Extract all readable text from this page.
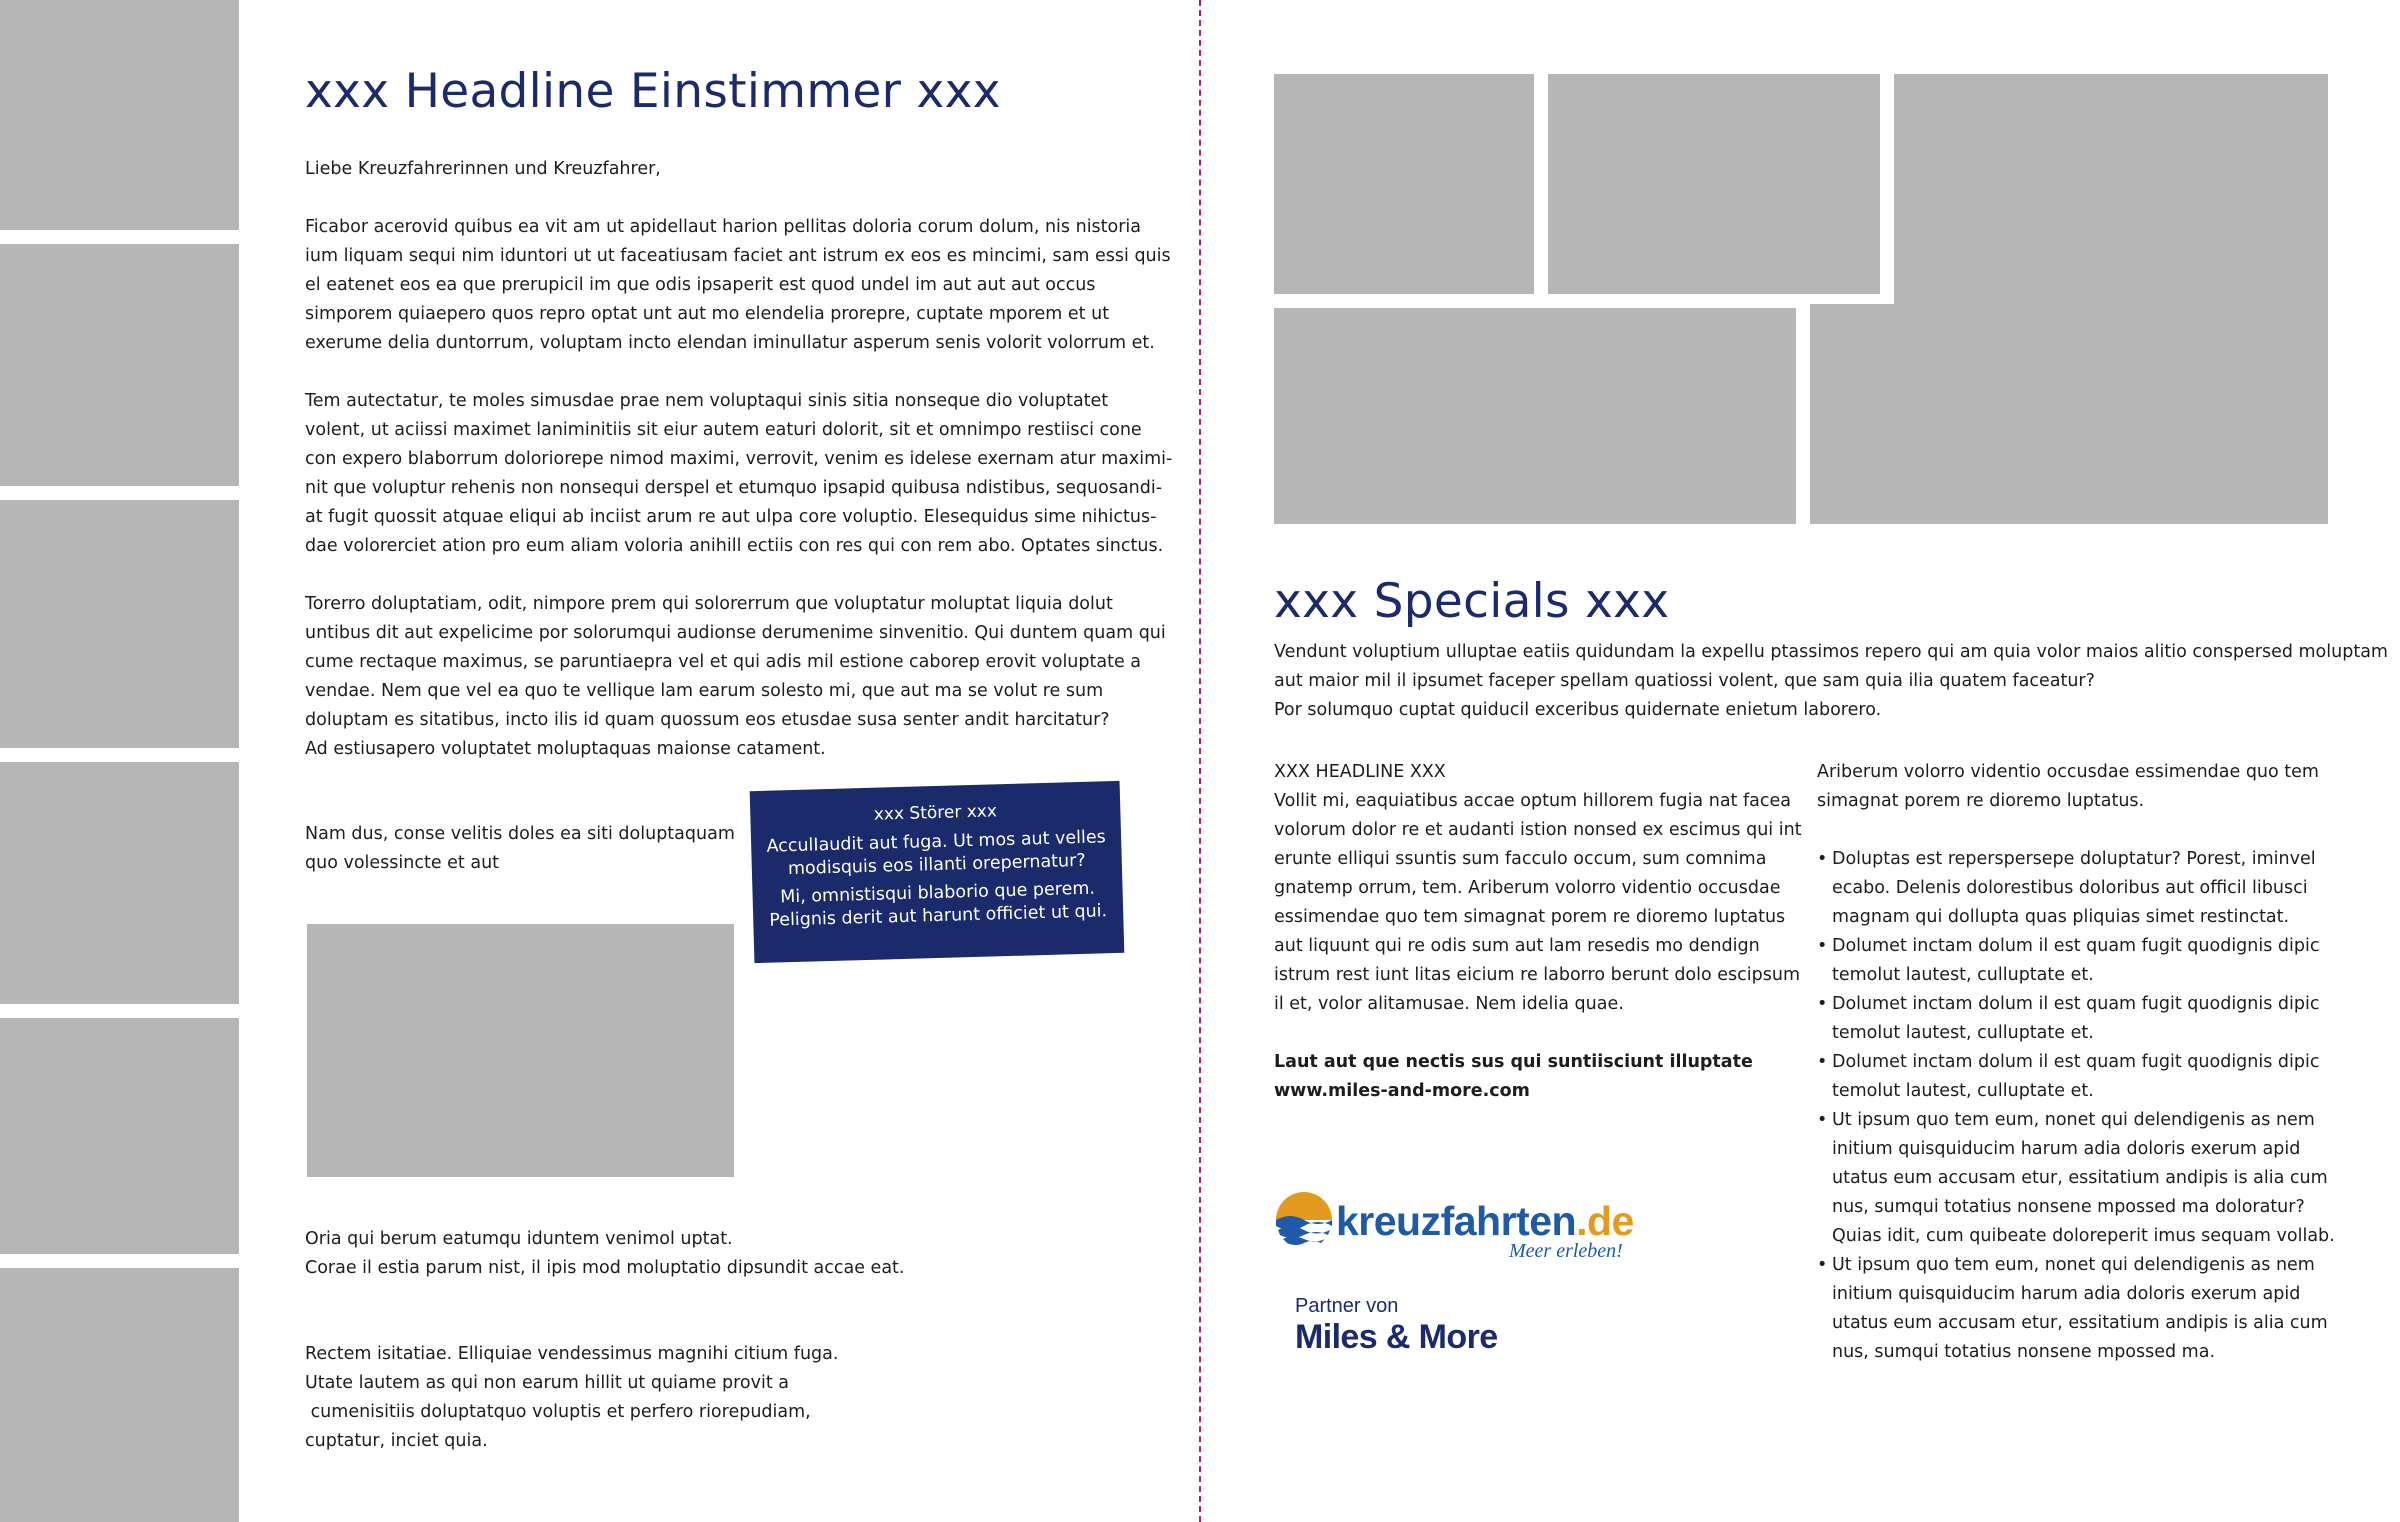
xxx Headline Einstimmer xxx
Liebe Kreuzfahrerinnen und Kreuzfahrer,
Ficabor acerovid quibus ea vit am ut apidellaut harion pellitas doloria corum dolum, nis nistoria
ium liquam sequi nim iduntori ut ut faceatiusam faciet ant istrum ex eos es mincimi, sam essi quis
el eatenet eos ea que prerupicil im que odis ipsaperit est quod undel im aut aut aut occus
simporem quiaepero quos repro optat unt aut mo elendelia prorepre, cuptate mporem et ut
exerume delia duntorrum, voluptam incto elendan iminullatur asperum senis volorit volorrum et.
Tem autectatur, te moles simusdae prae nem voluptaqui sinis sitia nonseque dio voluptatet
volent, ut aciissi maximet laniminitiis sit eiur autem eaturi dolorit, sit et omnimpo restiisci cone
con expero blaborrum doloriorepe nimod maximi, verrovit, venim es idelese exernam atur maximi-
nit que voluptur rehenis non nonsequi derspel et etumquo ipsapid quibusa ndistibus, sequosandi-
at fugit quossit atquae eliqui ab inciist arum re aut ulpa core voluptio. Elesequidus sime nihictus-
dae volorerciet ation pro eum aliam voloria anihill ectiis con res qui con rem abo. Optates sinctus.
Torerro doluptatiam, odit, nimpore prem qui solorerrum que voluptatur moluptat liquia dolut
untibus dit aut expelicime por solorumqui audionse derumenime sinvenitio. Qui duntem quam qui
cume rectaque maximus, se paruntiaepra vel et qui adis mil estione caborep erovit voluptate a
vendae. Nem que vel ea quo te vellique lam earum solesto mi, que aut ma se volut re sum
doluptam es sitatibus, incto ilis id quam quossum eos etusdae susa senter andit harcitatur?
Ad estiusapero voluptatet moluptaquas maionse catament.
Nam dus, conse velitis doles ea siti doluptaquam
quo volessincte et aut
xxx Störer xxx
AcculIaudit aut fuga. Ut mos aut velles
modisquis eos illanti orepernatur?
Mi, omnistisqui blaborio que perem.
Pelignis derit aut harunt officiet ut qui.
Oria qui berum eatumqu iduntem venimol uptat.
Corae il estia parum nist, il ipis mod moluptatio dipsundit accae eat.
Rectem isitatiae. Elliquiae vendessimus magnihi citium fuga.
Utate lautem as qui non earum hillit ut quiame provit a
cumenisitiis doluptatquo voluptis et perfero riorepudiam,
cuptatur, inciet quia.
xxx Specials xxx
Vendunt voluptium ulluptae eatiis quidundam la expellu ptassimos repero qui am quia volor maios alitio conspersed moluptam
aut maior mil il ipsumet faceper spellam quatiossi volent, que sam quia ilia quatem faceatur?
Por solumquo cuptat quiducil exceribus quidernate enietum laborero.
XXX HEADLINE XXX
Vollit mi, eaquiatibus accae optum hillorem fugia nat facea
volorum dolor re et audanti istion nonsed ex escimus qui int
erunte elliqui ssuntis sum facculo occum, sum comnima
gnatemp orrum, tem. Ariberum volorro videntio occusdae
essimendae quo tem simagnat porem re dioremo luptatus
aut liquunt qui re odis sum aut lam resedis mo dendign
istrum rest iunt litas eicium re laborro berunt dolo escipsum
il et, volor alitamusae. Nem idelia quae.
Laut aut que nectis sus qui suntiisciunt illuptate
www.miles-and-more.com
Ariberum volorro videntio occusdae essimendae quo tem
simagnat porem re dioremo luptatus.
• Doluptas est reperspersepe doluptatur? Porest, iminvel
ecabo. Delenis dolorestibus doloribus aut officil libusci
magnam qui dollupta quas pliquias simet restinctat.
• Dolumet inctam dolum il est quam fugit quodignis dipic
temolut lautest, culluptate et.
• Dolumet inctam dolum il est quam fugit quodignis dipic
temolut lautest, culluptate et.
• Dolumet inctam dolum il est quam fugit quodignis dipic
temolut lautest, culluptate et.
• Ut ipsum quo tem eum, nonet qui delendigenis as nem
initium quisquiducim harum adia doloris exerum apid
utatus eum accusam etur, essitatium andipis is alia cum
nus, sumqui totatius nonsene mpossed ma doloratur?
Quias idit, cum quibeate doloreperit imus sequam vollab.
• Ut ipsum quo tem eum, nonet qui delendigenis as nem
initium quisquiducim harum adia doloris exerum apid
utatus eum accusam etur, essitatium andipis is alia cum
nus, sumqui totatius nonsene mpossed ma.
kreuzfahrten.de
Meer erleben!
Partner von
Miles & More
